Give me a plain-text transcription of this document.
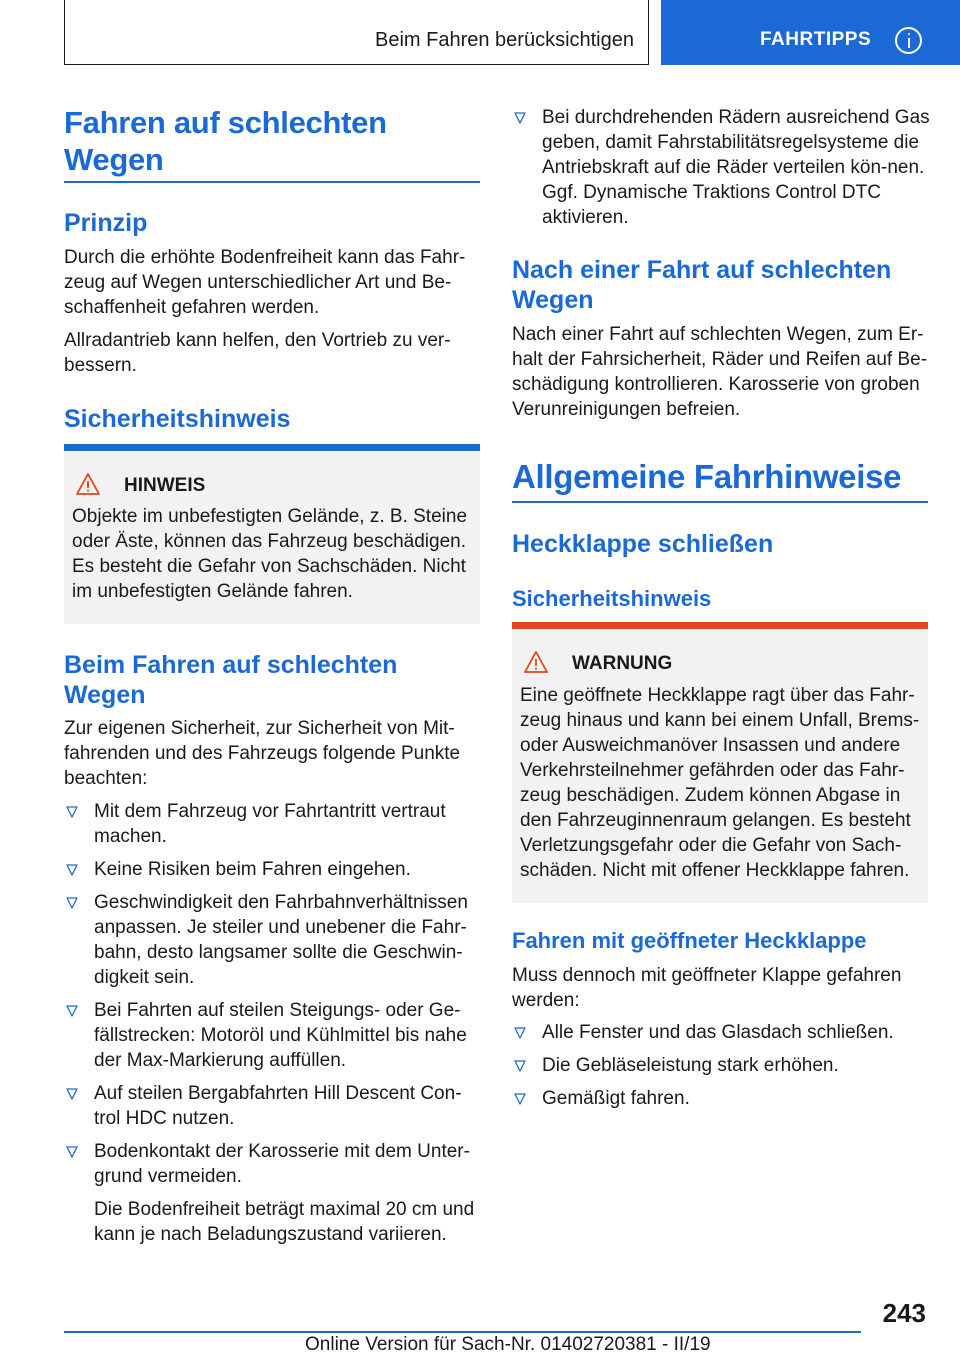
Beim Fahren berücksichtigen	FAHRTIPPS
Fahren auf schlechten Wegen
Prinzip

Durch die erhöhte Bodenfreiheit kann das Fahr-zeug auf Wegen unterschiedlicher Art und Be-schaffenheit gefahren werden.

Allradantrieb kann helfen, den Vortrieb zu ver-bessern.

Sicherheitshinweis
HINWEIS

Objekte im unbefestigten Gelände, z. B. Steine oder Äste, können das Fahrzeug beschädigen. Es besteht die Gefahr von Sachschäden. Nicht im unbefestigten Gelände fahren.

Beim Fahren auf schlechten Wegen

Zur eigenen Sicherheit, zur Sicherheit von Mit-fahrenden und des Fahrzeugs folgende Punkte beachten:

Mit dem Fahrzeug vor Fahrtantritt vertraut machen.
Keine Risiken beim Fahren eingehen.
Geschwindigkeit den Fahrbahnverhältnissen anpassen. Je steiler und unebener die Fahr-bahn, desto langsamer sollte die Geschwin-digkeit sein.
Bei Fahrten auf steilen Steigungs- oder Ge-fällstrecken: Motoröl und Kühlmittel bis nahe der Max-Markierung auffüllen.
Auf steilen Bergabfahrten Hill Descent Con-trol HDC nutzen.
Bodenkontakt der Karosserie mit dem Unter-grund vermeiden.

Die Bodenfreiheit beträgt maximal 20 cm und kann je nach Beladungszustand variieren.

Bei durchdrehenden Rädern ausreichend Gas geben, damit Fahrstabilitätsregelsysteme die Antriebskraft auf die Räder verteilen kön-nen. Ggf. Dynamische Traktions Control DTC aktivieren.
Nach einer Fahrt auf schlechten Wegen

Nach einer Fahrt auf schlechten Wegen, zum Er-halt der Fahrsicherheit, Räder und Reifen auf Be-schädigung kontrollieren. Karosserie von groben Verunreinigungen befreien.

Allgemeine Fahrhinweise
Heckklappe schließen
Sicherheitshinweis
WARNUNG

Eine geöffnete Heckklappe ragt über das Fahr-zeug hinaus und kann bei einem Unfall, Brems- oder Ausweichmanöver Insassen und andere Verkehrsteilnehmer gefährden oder das Fahr-zeug beschädigen. Zudem können Abgase in den Fahrzeuginnenraum gelangen. Es besteht Verletzungsgefahr oder die Gefahr von Sach-schäden. Nicht mit offener Heckklappe fahren.

Fahren mit geöffneter Heckklappe

Muss dennoch mit geöffneter Klappe gefahren werden:

Alle Fenster und das Glasdach schließen.
Die Gebläseleistung stark erhöhen.
Gemäßigt fahren.
243
Online Version für Sach-Nr. 01402720381 - II/19
